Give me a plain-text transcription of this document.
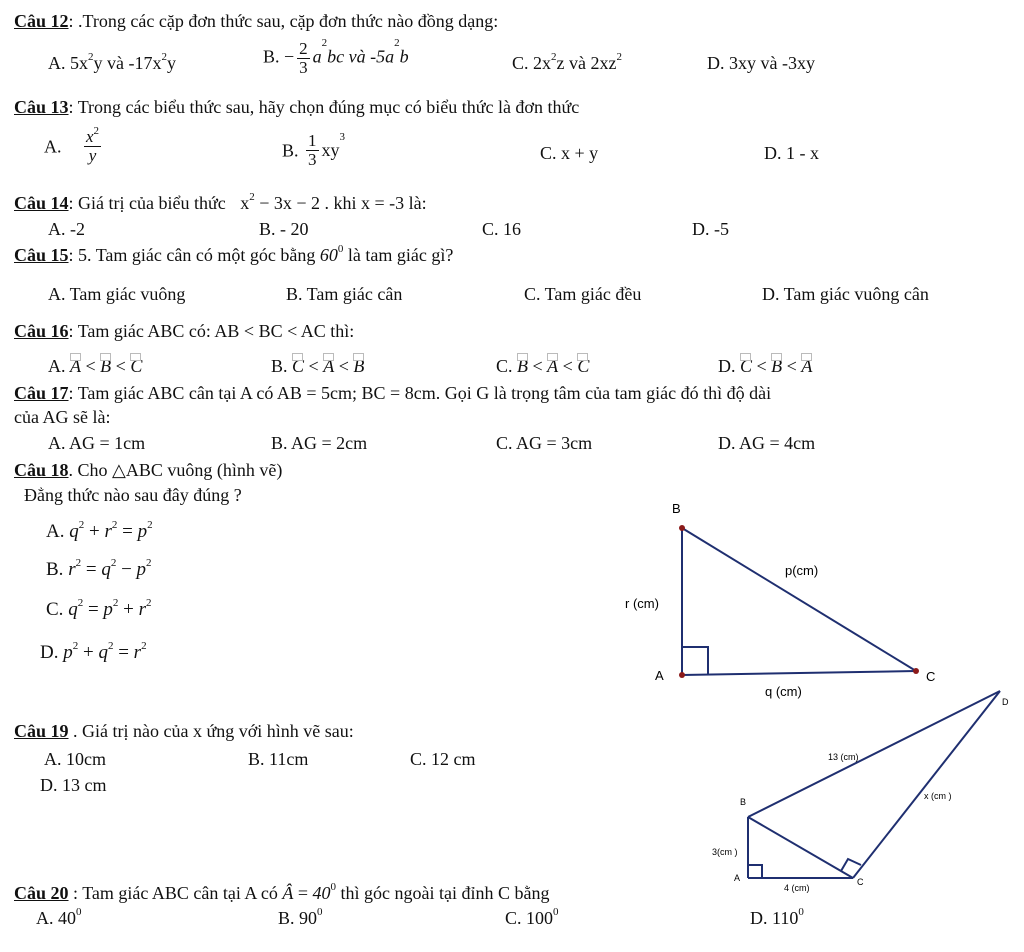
Câu 12: .Trong các cặp đơn thức sau, cặp đơn thức nào đồng dạng:
A. $5x^2y$ và $-17x^2y$	B. − $\frac{2}{3} a^2bc$ và $-5a^2b$	C. $2x^2z$ và $2xz^2$	D. 3xy và -3xy
Câu 13: Trong các biểu thức sau, hãy chọn đúng mục có biểu thức là đơn thức
A. $\frac{x^2}{y}$	B. $\frac{1}{3} xy^3$
C. x + y	D. 1 - x
Câu 14: Giá trị của biểu thức $x^2 - 3x - 2$ . khi x = -3 là:
A. -2	B. - 20	C. 16	D. -5
Câu 15: 5. Tam giác cân có một góc bằng $60^0$ là tam giác gì?
A. Tam giác vuông	B. Tam giác cân	C. Tam giác đều	D. Tam giác vuông cân
Câu 16: Tam giác ABC có: AB < BC < AC thì:
A. A < B < C	B. C < A < B	C. B < A < C	D. C < B < A
Câu 17: Tam giác ABC cân tại A có AB = 5cm; BC = 8cm. Gọi G là trọng tâm của tam giác đó thì độ dài
của AG sẽ là:
A. AG = 1cm	B. AG = 2cm	C. AG = 3cm	D. AG = 4cm
Câu 18. Cho △ABC vuông (hình vẽ)
Đẳng thức nào sau đây đúng ?
A. $q^2 + r^2 = p^2$
B. $r^2 = q^2 - p^2$
C. $q^2 = p^2 + r^2$
D. $p^2 + q^2 = r^2$
B
A	C
p(cm)
r (cm)
q (cm)
Câu 19 . Giá trị nào của x ứng với hình vẽ sau:
A. 10cm	B. 11cm	C. 12 cm
D. 13 cm
D
B
A	C
13 (cm)
x (cm )
3(cm )
4 (cm)
Câu 20 : Tam giác ABC cân tại A có Â = $40^0$ thì góc ngoài tại đỉnh C bằng
A. $40^0$	B. $90^0$	C. $100^0$	D. $110^0$
